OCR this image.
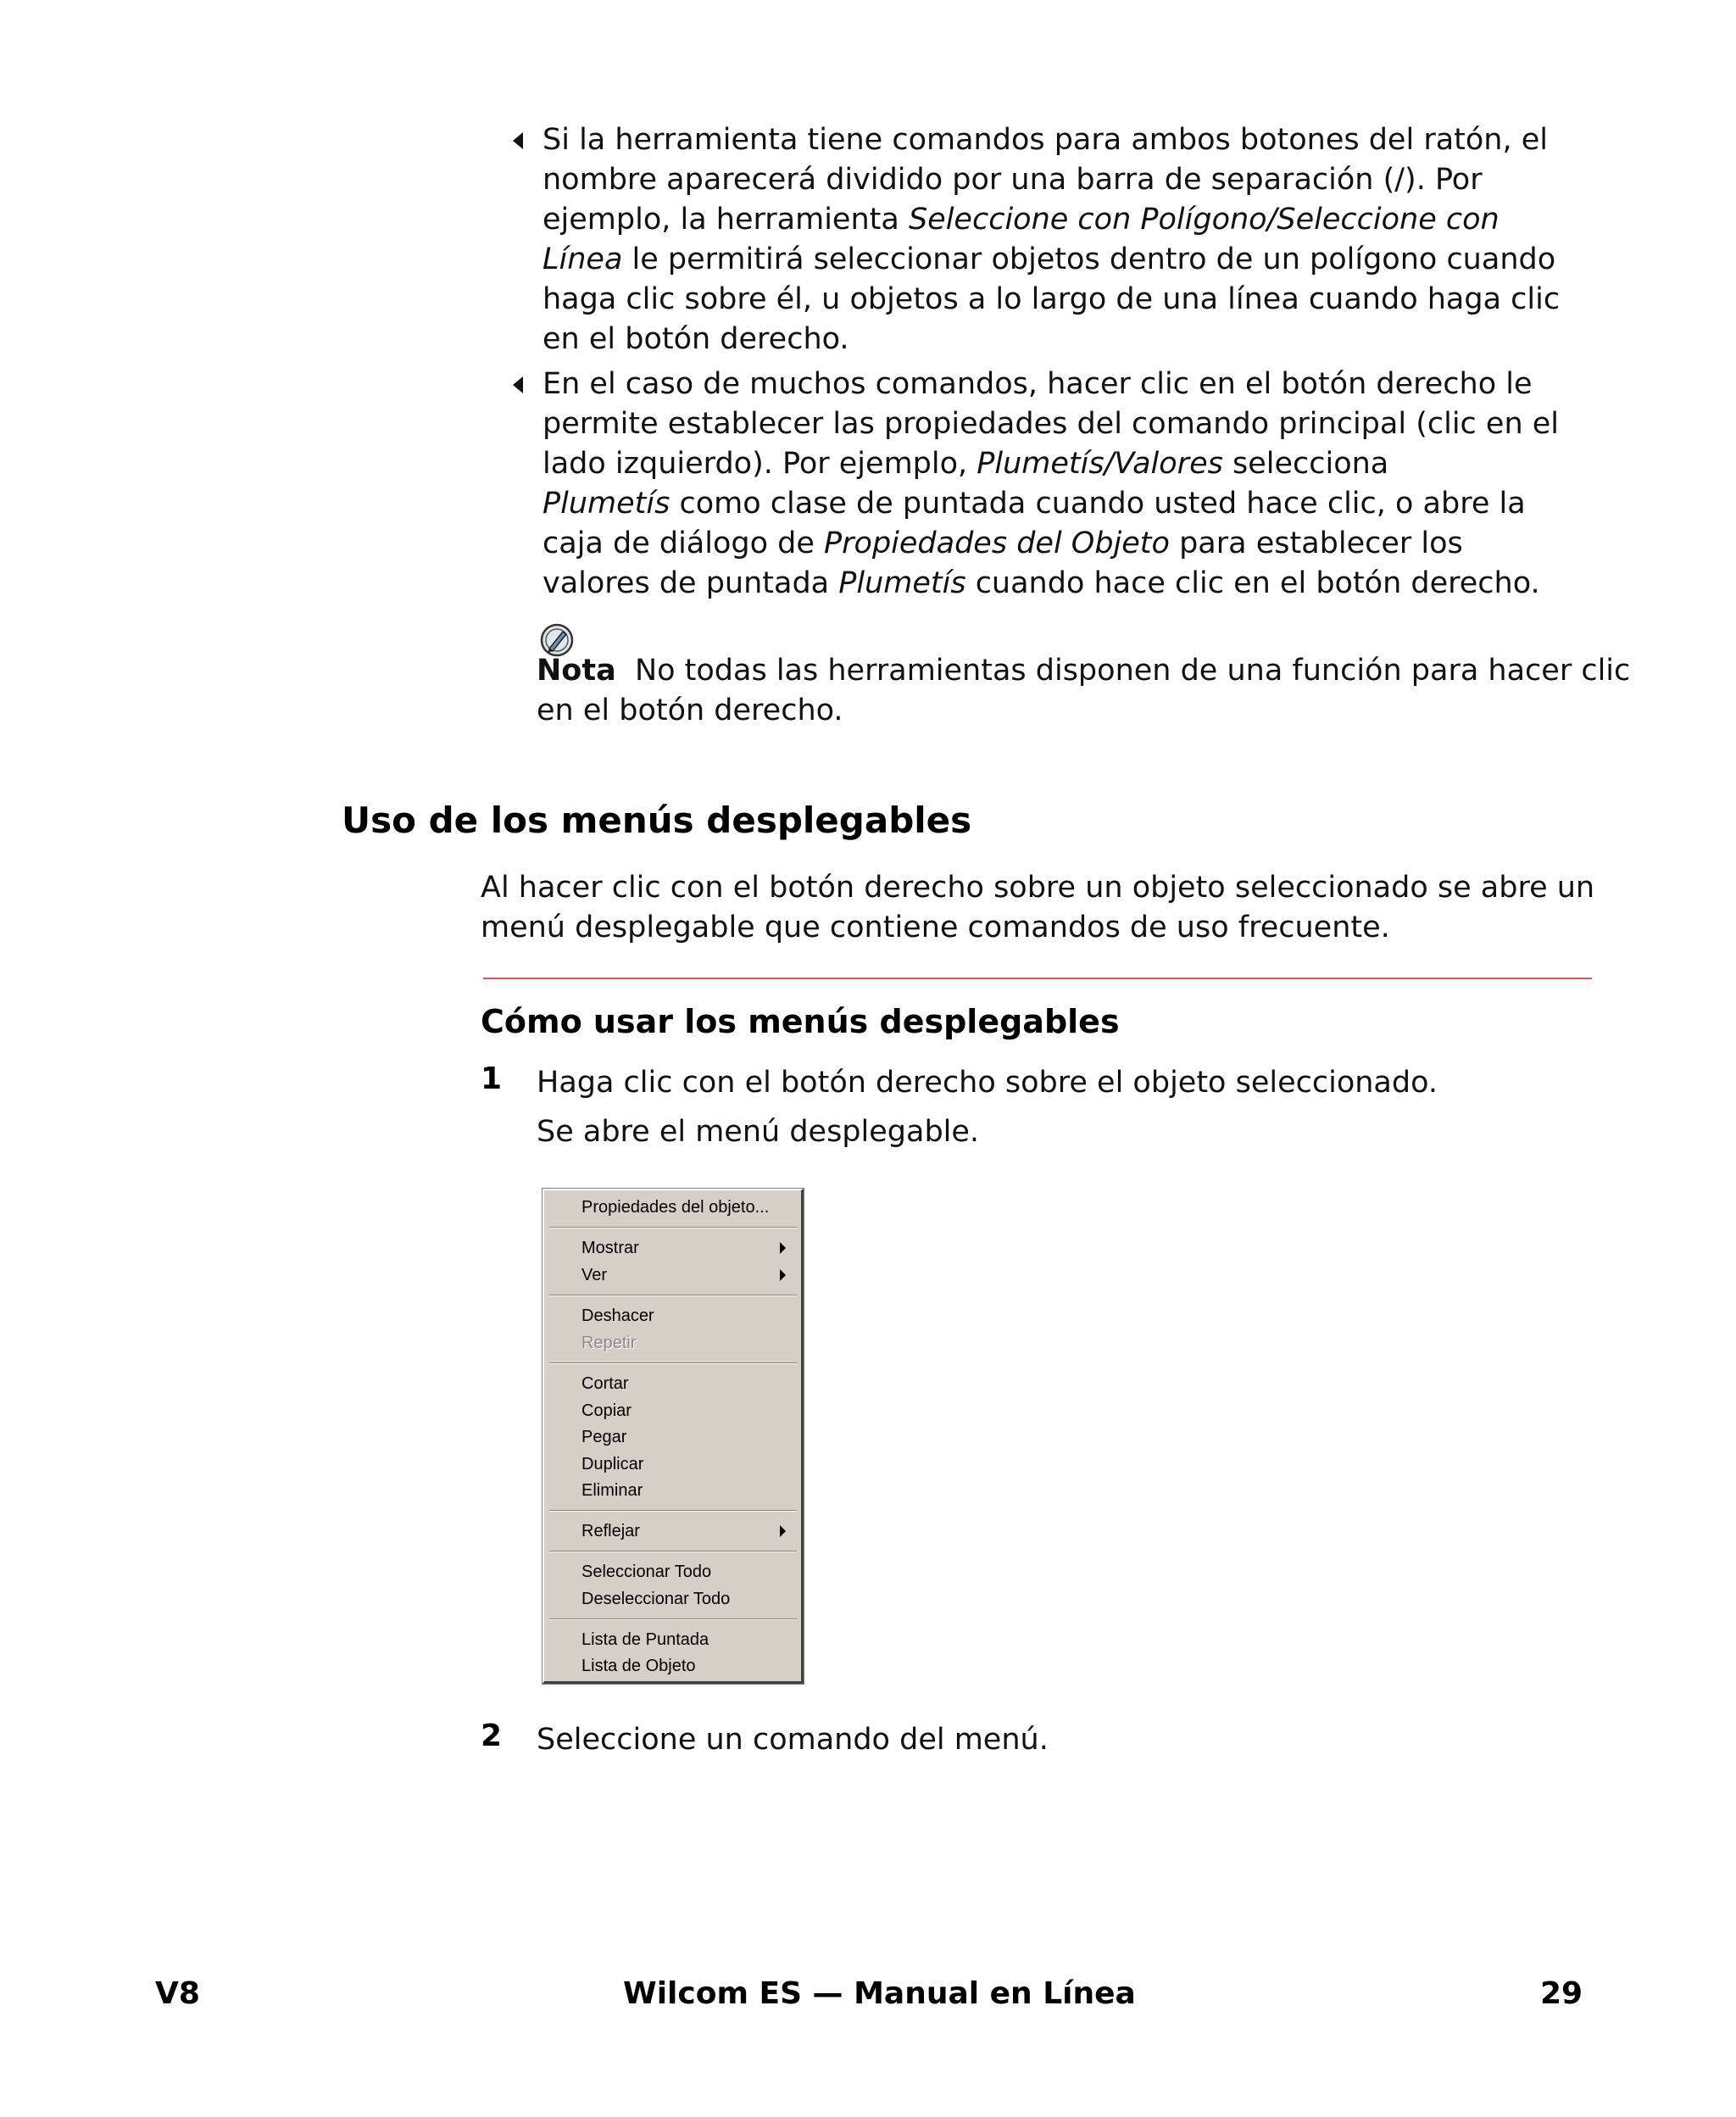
Si la herramienta tiene comandos para ambos botones del ratón, el
nombre aparecerá dividido por una barra de separación (/). Por
ejemplo, la herramienta Seleccione con Polígono/Seleccione con
Línea le permitirá seleccionar objetos dentro de un polígono cuando
haga clic sobre él, u objetos a lo largo de una línea cuando haga clic
en el botón derecho.
En el caso de muchos comandos, hacer clic en el botón derecho le
permite establecer las propiedades del comando principal (clic en el
lado izquierdo). Por ejemplo, Plumetís/Valores selecciona
Plumetís como clase de puntada cuando usted hace clic, o abre la
caja de diálogo de Propiedades del Objeto para establecer los
valores de puntada Plumetís cuando hace clic en el botón derecho.
Nota No todas las herramientas disponen de una función para hacer clic
en el botón derecho.
Uso de los menús desplegables
Al hacer clic con el botón derecho sobre un objeto seleccionado se abre un
menú desplegable que contiene comandos de uso frecuente.
Cómo usar los menús desplegables
1 Haga clic con el botón derecho sobre el objeto seleccionado.
Se abre el menú desplegable.
Propiedades del objeto...
Mostrar
Ver
Deshacer
Repetir
Cortar
Copiar
Pegar
Duplicar
Eliminar
Reflejar
Seleccionar Todo
Deseleccionar Todo
Lista de Puntada
Lista de Objeto
2 Seleccione un comando del menú.
V8	Wilcom ES — Manual en Línea	29
